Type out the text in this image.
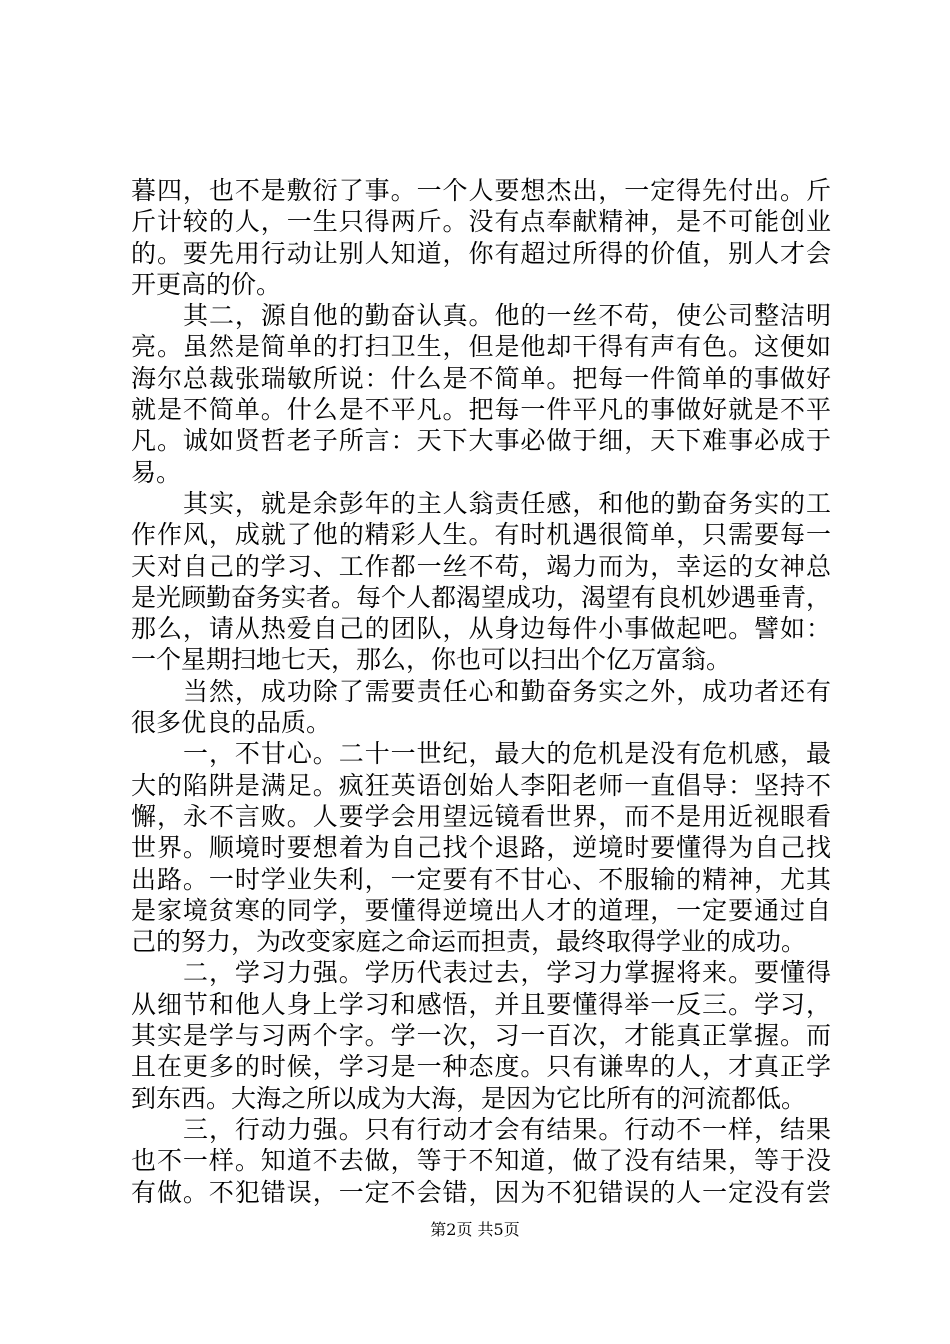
暮四，也不是敷衍了事。一个人要想杰出，一定得先付出。斤
斤计较的人，一生只得两斤。没有点奉献精神，是不可能创业
的。要先用行动让别人知道，你有超过所得的价值，别人才会
开更高的价。
其二，源自他的勤奋认真。他的一丝不苟，使公司整洁明
亮。虽然是简单的打扫卫生，但是他却干得有声有色。这便如
海尔总裁张瑞敏所说：什么是不简单。把每一件简单的事做好
就是不简单。什么是不平凡。把每一件平凡的事做好就是不平
凡。诚如贤哲老子所言：天下大事必做于细，天下难事必成于
易。
其实，就是余彭年的主人翁责任感，和他的勤奋务实的工
作作风，成就了他的精彩人生。有时机遇很简单，只需要每一
天对自己的学习、工作都一丝不苟，竭力而为，幸运的女神总
是光顾勤奋务实者。每个人都渴望成功，渴望有良机妙遇垂青，
那么，请从热爱自己的团队，从身边每件小事做起吧。譬如：
一个星期扫地七天，那么，你也可以扫出个亿万富翁。
当然，成功除了需要责任心和勤奋务实之外，成功者还有
很多优良的品质。
一，不甘心。二十一世纪，最大的危机是没有危机感，最
大的陷阱是满足。疯狂英语创始人李阳老师一直倡导：坚持不
懈，永不言败。人要学会用望远镜看世界，而不是用近视眼看
世界。顺境时要想着为自己找个退路，逆境时要懂得为自己找
出路。一时学业失利，一定要有不甘心、不服输的精神，尤其
是家境贫寒的同学，要懂得逆境出人才的道理，一定要通过自
己的努力，为改变家庭之命运而担责，最终取得学业的成功。
二，学习力强。学历代表过去，学习力掌握将来。要懂得
从细节和他人身上学习和感悟，并且要懂得举一反三。学习，
其实是学与习两个字。学一次，习一百次，才能真正掌握。而
且在更多的时候，学习是一种态度。只有谦卑的人，才真正学
到东西。大海之所以成为大海，是因为它比所有的河流都低。
三，行动力强。只有行动才会有结果。行动不一样，结果
也不一样。知道不去做，等于不知道，做了没有结果，等于没
有做。不犯错误，一定不会错，因为不犯错误的人一定没有尝
第2页 共5页
